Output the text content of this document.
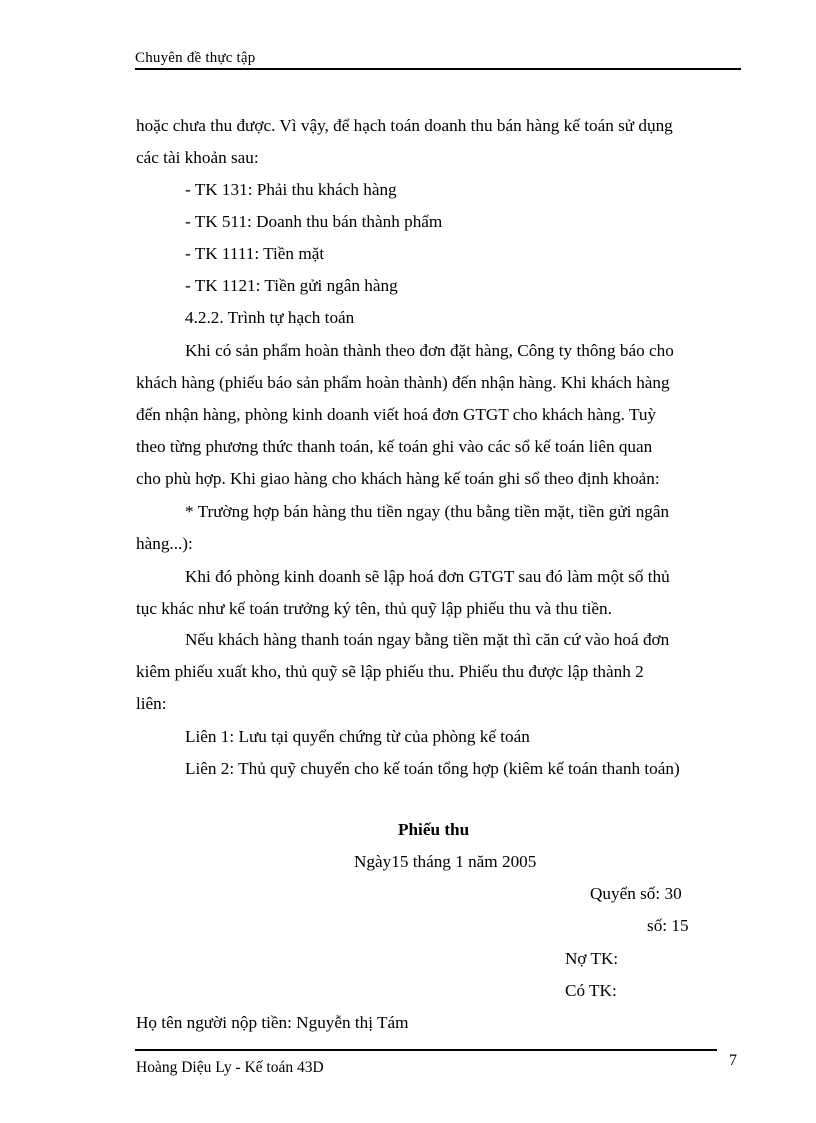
Chuyên đề thực tập
hoặc chưa thu được. Vì vậy, để hạch toán doanh thu bán hàng kế toán sử dụng
các tài khoản sau:
- TK 131: Phải thu khách hàng
- TK 511: Doanh thu bán thành phẩm
- TK 1111: Tiền mặt
- TK 1121: Tiền gửi ngân hàng
4.2.2. Trình tự hạch toán
Khi có sản phẩm hoàn thành theo đơn đặt hàng, Công ty thông báo cho
khách hàng (phiếu báo sản phẩm hoàn thành) đến nhận hàng. Khi khách hàng
đến nhận hàng, phòng kinh doanh viết hoá đơn GTGT cho khách hàng. Tuỳ
theo từng phương thức thanh toán, kế toán ghi vào các sổ kế toán liên quan
cho phù hợp. Khi giao hàng cho khách hàng kế toán ghi sổ theo định khoản:
* Trường hợp bán hàng thu tiền ngay (thu bằng tiền mặt, tiền gửi ngân
hàng...):
Khi đó phòng kinh doanh sẽ lập hoá đơn GTGT sau đó làm một số thủ
tục khác như kế toán trưởng ký tên, thủ quỹ lập phiếu thu và thu tiền.
Nếu khách hàng thanh toán ngay bằng tiền mặt thì căn cứ vào hoá đơn
kiêm phiếu xuất kho, thủ quỹ sẽ lập phiếu thu. Phiếu thu được lập thành 2
liên:
Liên 1: Lưu tại quyển chứng từ của phòng kế toán
Liên 2: Thủ quỹ chuyển cho kế toán tổng hợp (kiêm kế toán thanh toán)
Phiếu thu
Ngày15 tháng 1 năm 2005
Quyển số: 30
số: 15
Nợ TK:
Có TK:
Họ tên người nộp tiền: Nguyễn thị Tám
Hoàng Diệu Ly - Kế toán 43D	7
